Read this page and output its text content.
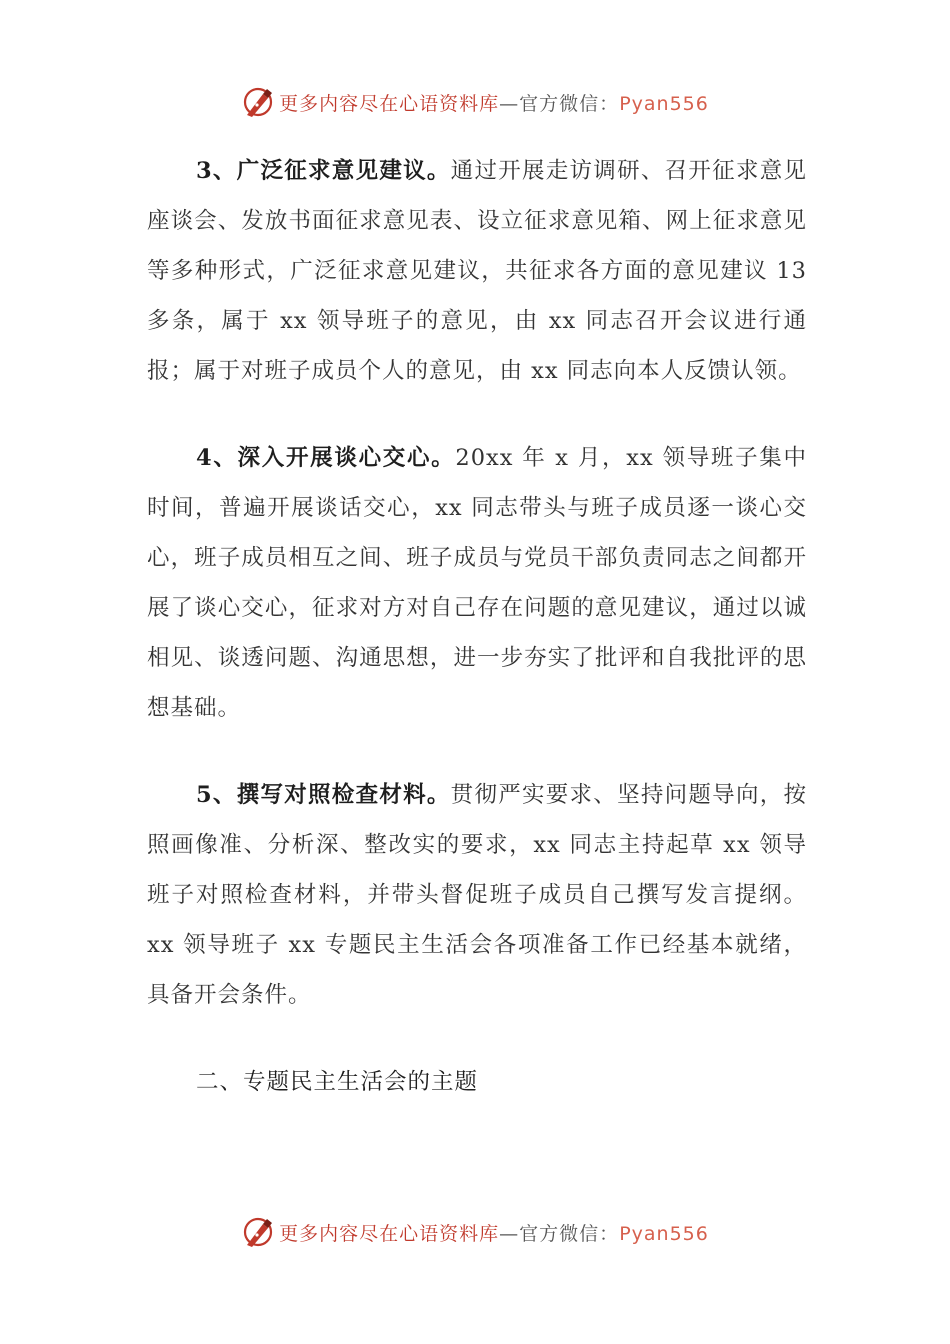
更多内容尽在心语资料库—官方微信：Pyan556

3、广泛征求意见建议。通过开展走访调研、召开征求意见座谈会、发放书面征求意见表、设立征求意见箱、网上征求意见等多种形式，广泛征求意见建议，共征求各方面的意见建议 13 多条，属于 xx 领导班子的意见，由 xx 同志召开会议进行通报；属于对班子成员个人的意见，由 xx 同志向本人反馈认领。

4、深入开展谈心交心。20xx 年 x 月，xx 领导班子集中时间，普遍开展谈话交心，xx 同志带头与班子成员逐一谈心交心，班子成员相互之间、班子成员与党员干部负责同志之间都开展了谈心交心，征求对方对自己存在问题的意见建议，通过以诚相见、谈透问题、沟通思想，进一步夯实了批评和自我批评的思想基础。

5、撰写对照检查材料。贯彻严实要求、坚持问题导向，按照画像准、分析深、整改实的要求，xx 同志主持起草 xx 领导班子对照检查材料，并带头督促班子成员自己撰写发言提纲。xx 领导班子 xx 专题民主生活会各项准备工作已经基本就绪，具备开会条件。

二、专题民主生活会的主题

更多内容尽在心语资料库—官方微信：Pyan556
